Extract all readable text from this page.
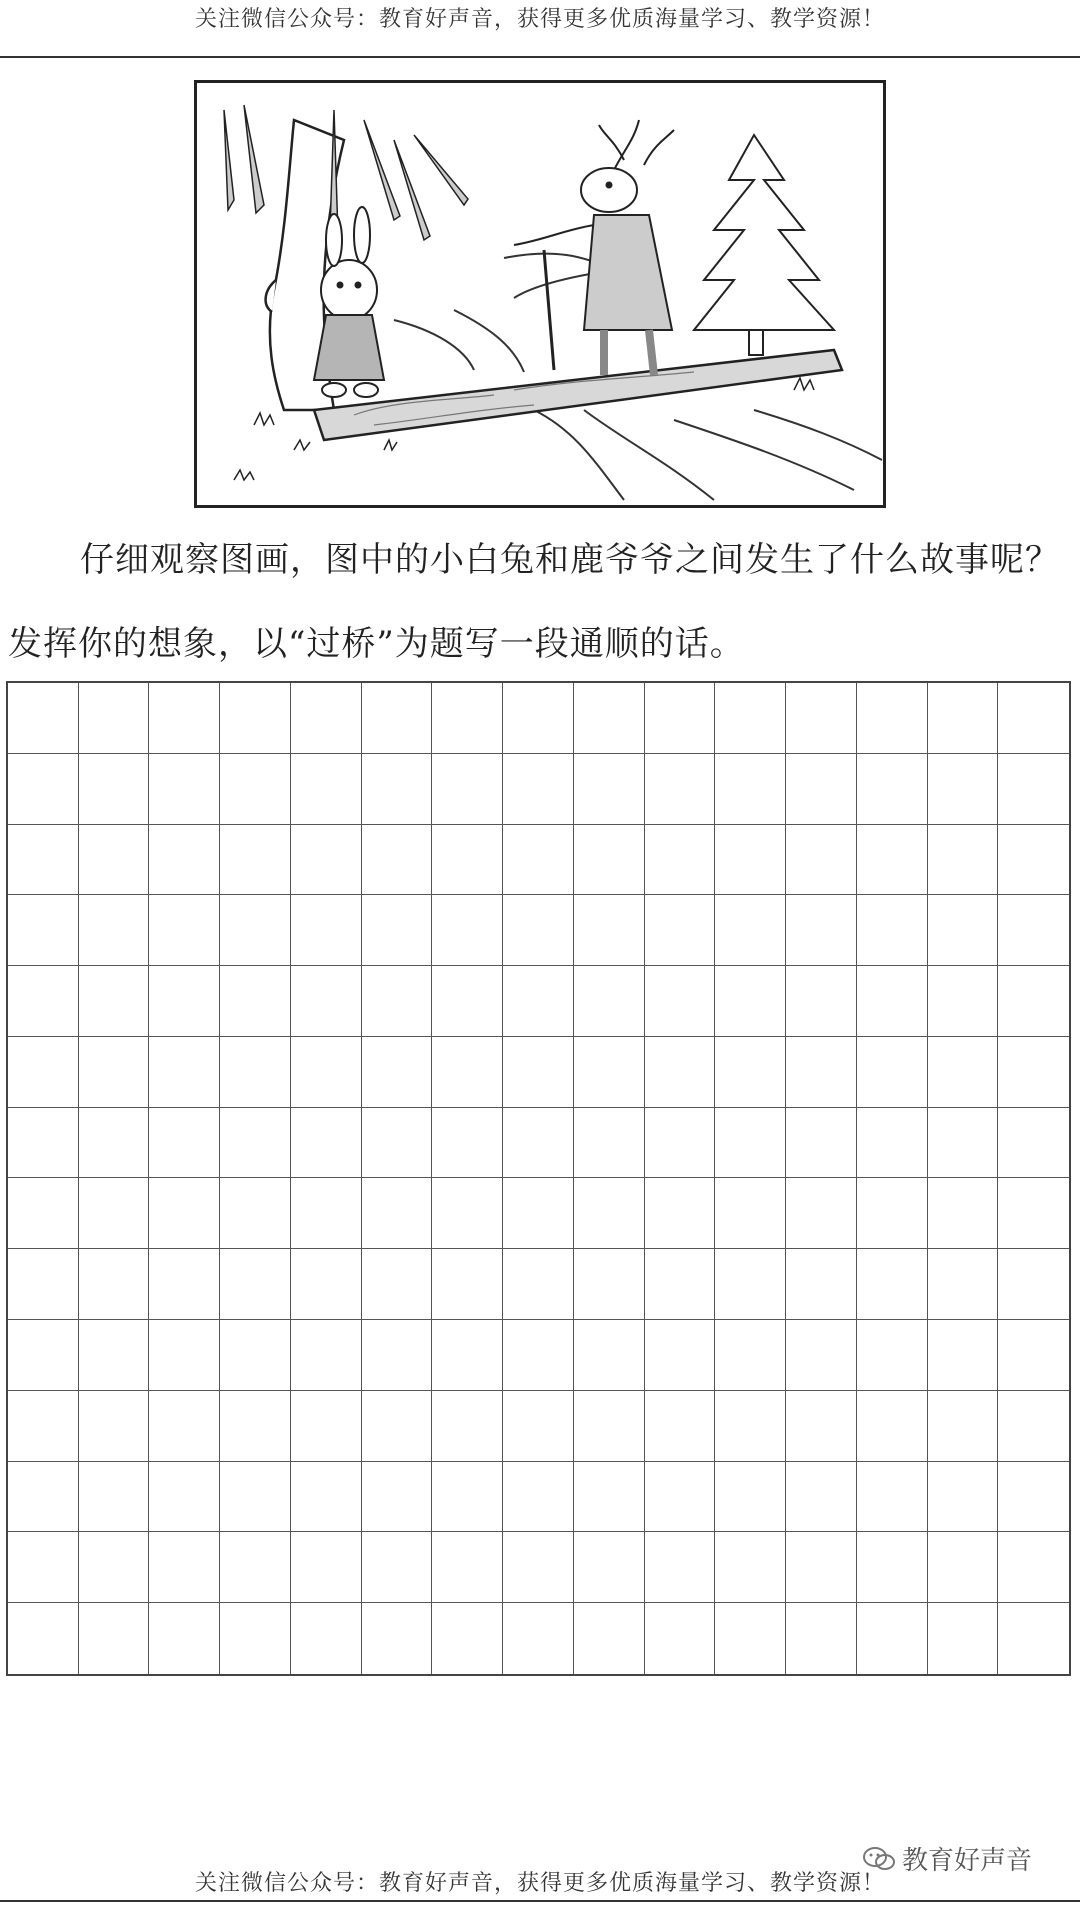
关注微信公众号：教育好声音，获得更多优质海量学习、教学资源！
仔细观察图画，图中的小白兔和鹿爷爷之间发生了什么故事呢？
发挥你的想象，以“过桥”为题写一段通顺的话。
教育好声音
关注微信公众号：教育好声音，获得更多优质海量学习、教学资源！
